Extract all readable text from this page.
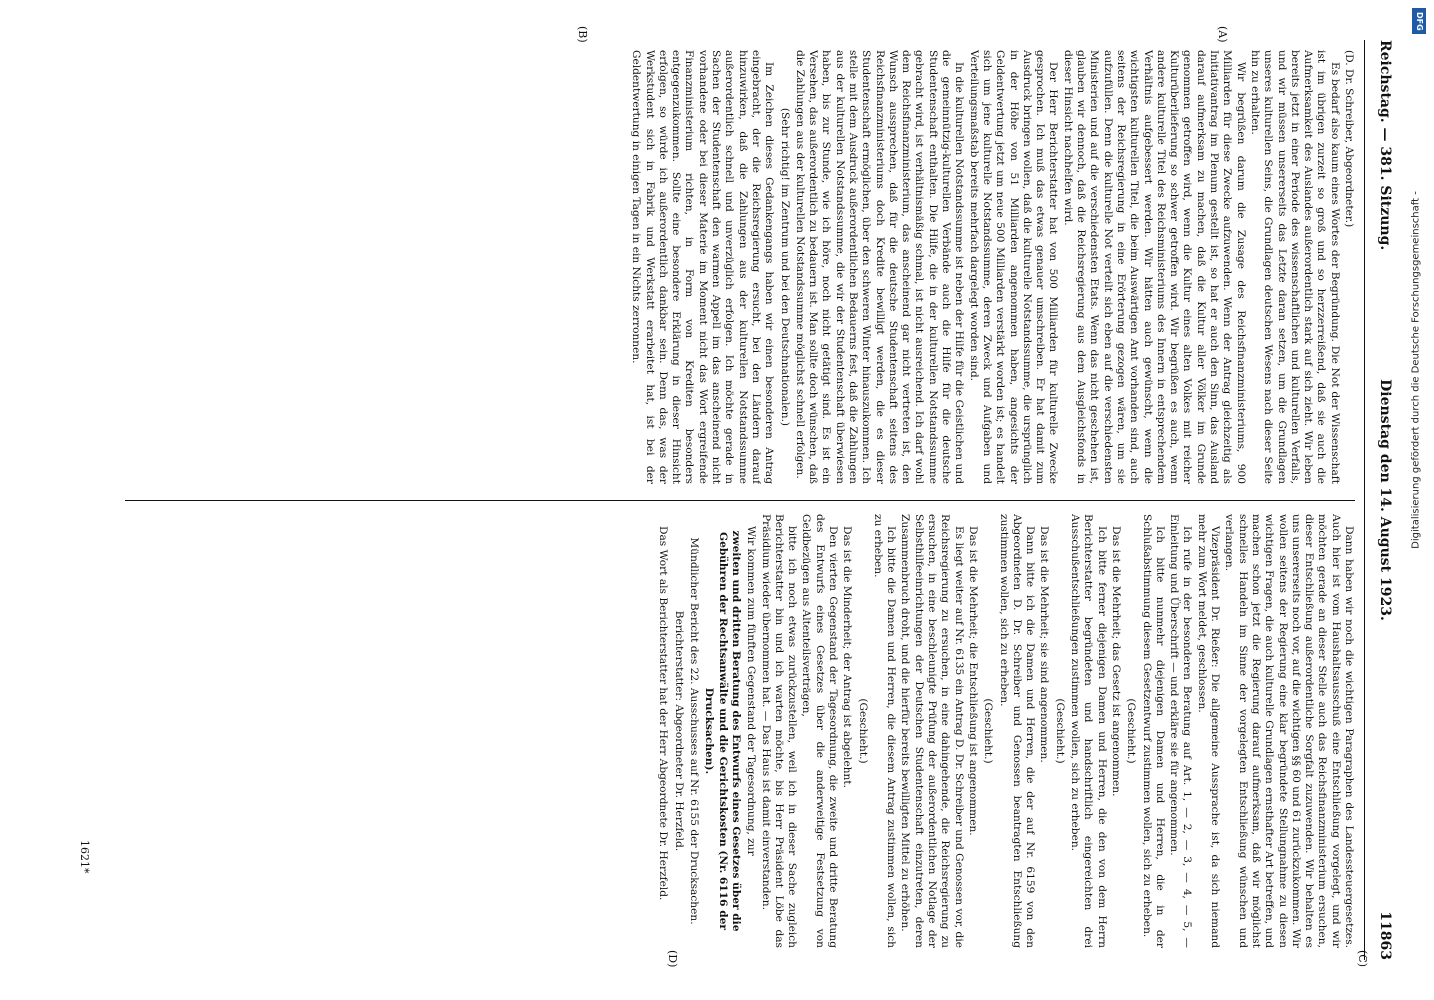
Reichstag. — 381. Sitzung.
Dienstag den 14. August 1923.
11863
(A)
(B)
(C)
(D)

(D. Dr. Schreiber, Abgeordneter.)

Es bedarf also kaum eines Wortes der Begründung. Die Not der Wissenschaft ist im übrigen zurzeit so groß und so herzzerreißend, daß sie auch die Aufmerksamkeit des Auslandes außerordentlich stark auf sich zieht. Wir leben bereits jetzt in einer Periode des wissenschaftlichen und kulturellen Verfalls, und wir müssen unsererseits das Letzte daran setzen, um die Grundlagen unseres kulturellen Seins, die Grundlagen deutschen Wesens nach dieser Seite hin zu erhalten.

Wir begrüßen darum die Zusage des Reichsfinanzministeriums, 900 Milliarden für diese Zwecke aufzuwenden. Wenn der Antrag gleichzeitig als Initiativantrag im Plenum gestellt ist, so hat er auch den Sinn, das Ausland darauf aufmerksam zu machen, daß die Kultur aller Völker im Grunde genommen getroffen wird, wenn die Kultur eines alten Volkes mit reicher Kulturüberlieferung so schwer getroffen wird. Wir begrüßen es auch, wenn andere kulturelle Titel des Reichsministeriums des Innern in entsprechendem Verhältnis aufgebessert werden. Wir hätten auch gewünscht, wenn die wichtigsten kulturellen Titel, die beim Auswärtigen Amt vorhanden sind, auch seitens der Reichsregierung in eine Erörterung gezogen wären, um sie aufzufüllen. Denn die kulturelle Not verteilt sich eben auf die verschiedensten Ministerien und auf die verschiedensten Etats. Wenn das nicht geschehen ist, glauben wir dennoch, daß die Reichsregierung aus dem Ausgleichsfonds in dieser Hinsicht nachhelfen wird.

Der Herr Berichterstatter hat von 500 Milliarden für kulturelle Zwecke gesprochen. Ich muß das etwas genauer umschreiben. Er hat damit zum Ausdruck bringen wollen, daß die kulturelle Notstandssumme, die ursprünglich in der Höhe von 51 Milliarden angenommen haben, angesichts der Geldentwertung jetzt um neue 500 Milliarden verstärkt worden ist; es handelt sich um jene kulturelle Notstandssumme, deren Zweck und Aufgaben und Verteilungsmaßstab bereits mehrfach dargelegt worden sind.

In die kulturellen Notstandssumme ist neben der Hilfe für die Geistlichen und die gemeinnützig-kulturellen Verbände auch die Hilfe für die deutsche Studentenschaft enthalten. Die Hilfe, die in der kulturellen Notstandssumme gebracht wird, ist verhältnismäßig schmal, ist nicht ausreichend. Ich darf wohl dem Reichsfinanzministerium, das anscheinend gar nicht vertreten ist, den Wunsch aussprechen, daß für die deutsche Studentenschaft seitens des Reichsfinanzministeriums doch Kredite bewilligt werden, die es dieser Studentenschaft ermöglichen, über den schweren Winter hinauszukommen. Ich stelle mit dem Ausdruck außerordentlichen Bedauerns fest, daß die Zahlungen aus der kulturellen Notstandssumme, die wir der Studentenschaft überwiesen haben, bis zur Stunde, wie ich höre, noch nicht getätigt sind. Es ist ein Versehen, das außerordentlich zu bedauern ist. Man sollte doch wünschen, daß die Zahlungen aus der kulturellen Notstandssumme möglichst schnell erfolgen.

(Sehr richtig! im Zentrum und bei den Deutschnationalen.)

Im Zeichen dieses Gedankengangs haben wir einen besonderen Antrag eingebracht, der die Reichsregierung ersucht, bei den Ländern darauf hinzuwirken, daß die Zahlungen aus der kulturellen Notstandssumme außerordentlich schnell und unverzüglich erfolgen. Ich möchte gerade in Sachen der Studentenschaft den warmen Appell im das anscheinend nicht vorhandene oder bei dieser Materie im Moment nicht das Wort ergreifende Finanzministerium richten, in Form von Krediten besonders entgegenzukommen. Sollte eine besondere Erklärung in dieser Hinsicht erfolgen, so würde ich außerordentlich dankbar sein. Denn das, was der Werkstudent sich in Fabrik und Werkstatt erarbeitet hat, ist bei der Geldentwertung in einigen Tagen in ein Nichts zerronnen.

Dann haben wir noch die wichtigen Paragraphen des Landessteuergesetzes. Auch hier ist vom Haushaltsausschuß eine Entschließung vorgelegt, und wir möchten gerade an dieser Stelle auch das Reichsfinanzministerium ersuchen, dieser Entschließung außerordentliche Sorgfalt zuzuwenden. Wir behalten es uns unsererseits noch vor, auf die wichtigen §§ 60 und 61 zurückzukommen. Wir wollen seitens der Regierung eine klar begründete Stellungnahme zu diesen wichtigen Fragen, die auch kulturelle Grundlagen ernsthafter Art betreffen, und machen schon jetzt die Regierung darauf aufmerksam, daß wir möglichst schnelles Handeln im Sinne der vorgelegten Entschließung wünschen und verlangen.

Vizepräsident Dr. Rießer: Die allgemeine Aussprache ist, da sich niemand mehr zum Wort meldet, geschlossen.

Ich rufe in der besonderen Beratung auf Art. 1, — 2, — 3, — 4, — 5, — Einleitung und Überschrift — und erkläre sie für angenommen.

Ich bitte nunmehr diejenigen Damen und Herren, die in der Schlußabstimmung diesem Gesetzentwurf zustimmen wollen, sich zu erheben.

(Geschieht.)

Das ist die Mehrheit; das Gesetz ist angenommen.

Ich bitte ferner diejenigen Damen und Herren, die den von dem Herrn Berichterstatter begründeten und handschriftlich eingereichten drei Ausschußentschließungen zustimmen wollen, sich zu erheben.

(Geschieht.)

Das ist die Mehrheit; sie sind angenommen.

Dann bitte ich die Damen und Herren, die der auf Nr. 6159 von den Abgeordneten D. Dr. Schreiber und Genossen beantragten Entschließung zustimmen wollen, sich zu erheben.

(Geschieht.)

Das ist die Mehrheit; die Entschließung ist angenommen.

Es liegt weiter auf Nr. 6135 ein Antrag D. Dr. Schreiber und Genossen vor, die Reichsregierung zu ersuchen, in eine dahingehende, die Reichsregierung zu ersuchen, in eine beschleunigte Prüfung der außerordentlichen Notlage der Selbsthilfeeinrichtungen der Deutschen Studentenschaft einzutreten, deren Zusammenbruch droht, und die hierfür bereits bewilligten Mittel zu erhöhen.

Ich bitte die Damen und Herren, die diesem Antrag zustimmen wollen, sich zu erheben.

(Geschieht.)

Das ist die Minderheit; der Antrag ist abgelehnt.

Den vierten Gegenstand der Tagesordnung, die zweite und dritte Beratung des Entwurfs eines Gesetzes über die anderweitige Festsetzung von Geldbezügen aus Altenteilsverträgen,

bitte ich noch etwas zurückzustellen, weil ich in dieser Sache zugleich Berichterstatter bin und ich warten möchte, bis Herr Präsident Löbe das Präsidium wieder übernommen hat. — Das Haus ist damit einverstanden.

Wir kommen zum fünften Gegenstand der Tagesordnung, zur

zweiten und dritten Beratung des Entwurfs eines Gesetzes über die Gebühren der Rechtsanwälte und die Gerichtskosten (Nr. 6116 der Drucksachen).

Mündlicher Bericht des 22. Ausschusses auf Nr. 6155 der Drucksachen.

Berichterstatter: Abgeordneter Dr. Herzfeld.

Das Wort als Berichterstatter hat der Herr Abgeordnete Dr. Herzfeld.

1621*
DFG
Digitalisierung gefördert durch die Deutsche Forschungsgemeinschaft -
